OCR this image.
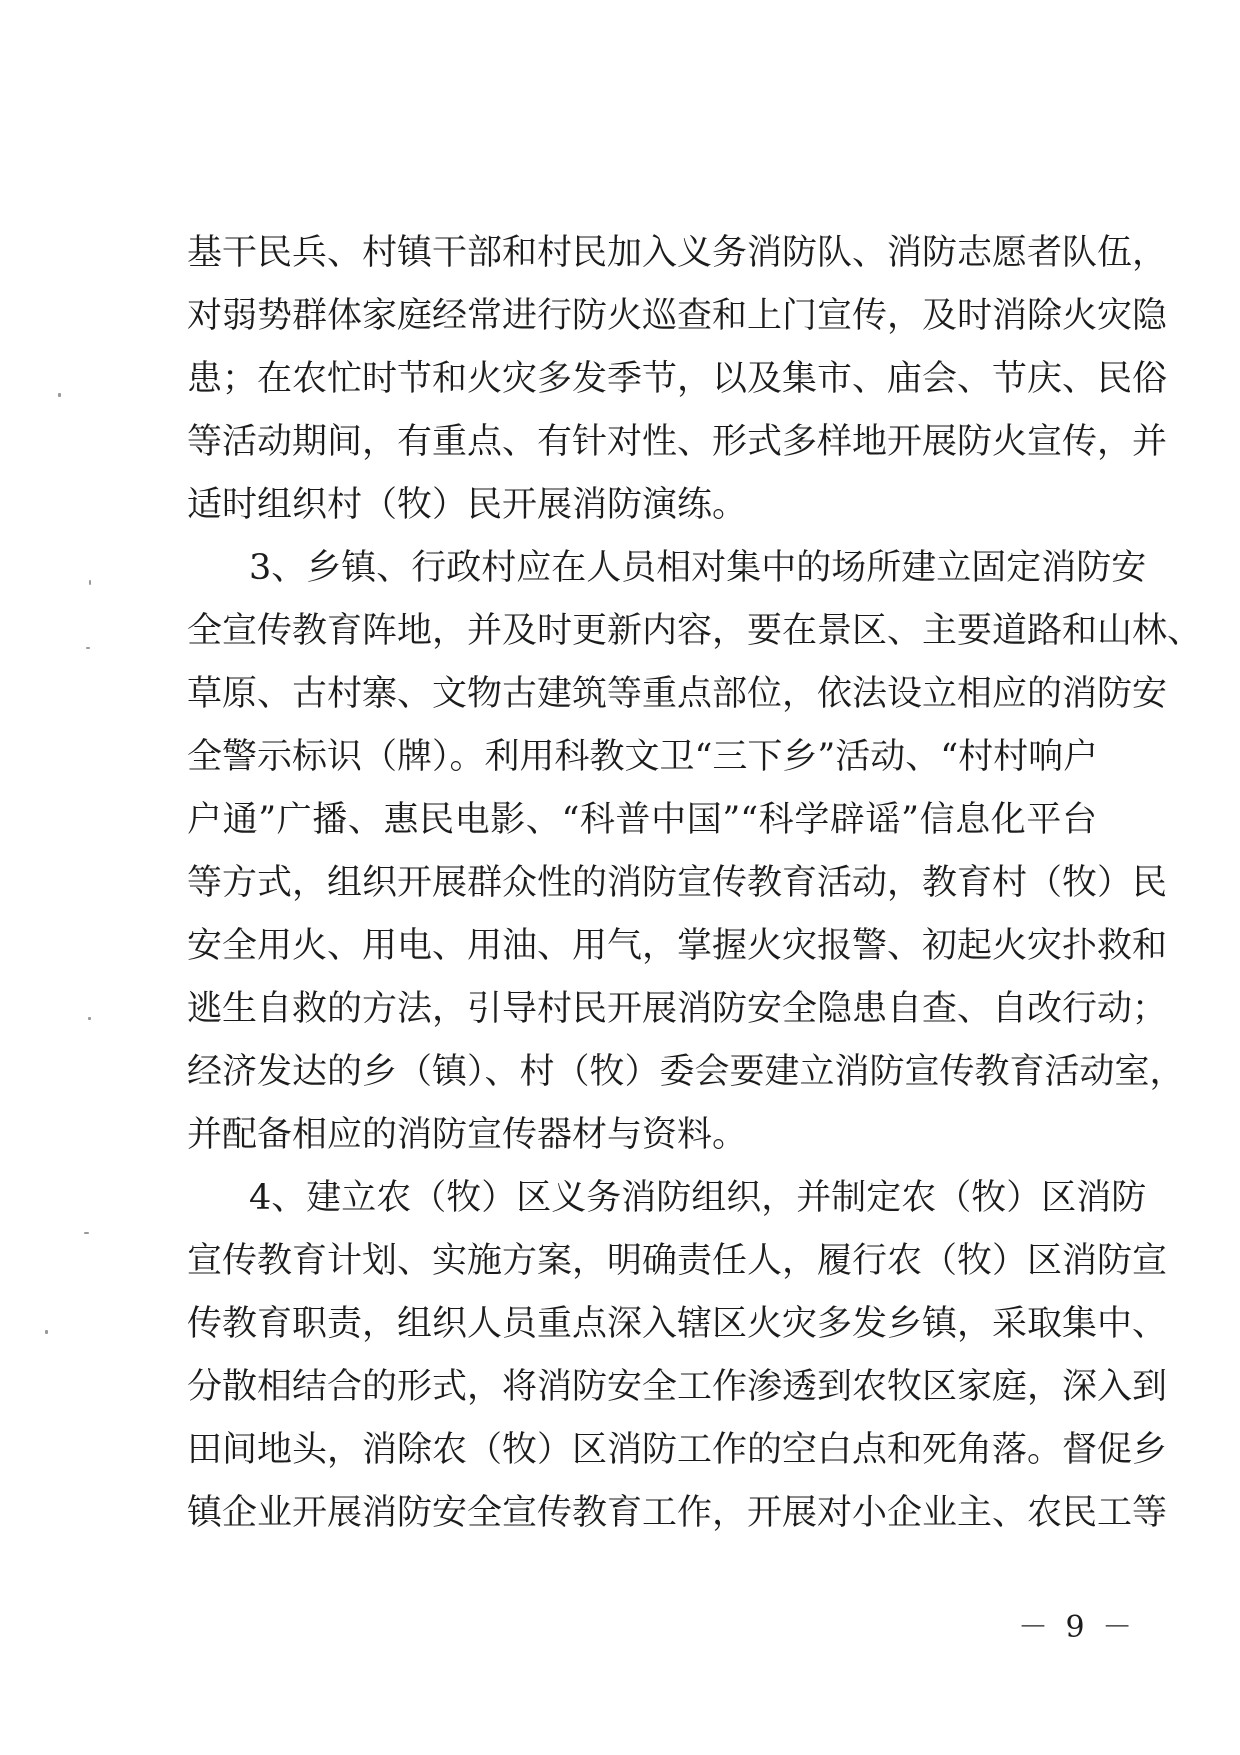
基干民兵、村镇干部和村民加入义务消防队、消防志愿者队伍，
对弱势群体家庭经常进行防火巡查和上门宣传，及时消除火灾隐
患；在农忙时节和火灾多发季节，以及集市、庙会、节庆、民俗
等活动期间，有重点、有针对性、形式多样地开展防火宣传，并
适时组织村（牧）民开展消防演练。
3、乡镇、行政村应在人员相对集中的场所建立固定消防安
全宣传教育阵地，并及时更新内容，要在景区、主要道路和山林、
草原、古村寨、文物古建筑等重点部位，依法设立相应的消防安
全警示标识（牌）。利用科教文卫“三下乡”活动、“村村响户
户通”广播、惠民电影、“科普中国”“科学辟谣”信息化平台
等方式，组织开展群众性的消防宣传教育活动，教育村（牧）民
安全用火、用电、用油、用气，掌握火灾报警、初起火灾扑救和
逃生自救的方法，引导村民开展消防安全隐患自查、自改行动；
经济发达的乡（镇）、村（牧）委会要建立消防宣传教育活动室，
并配备相应的消防宣传器材与资料。
4、建立农（牧）区义务消防组织，并制定农（牧）区消防
宣传教育计划、实施方案，明确责任人，履行农（牧）区消防宣
传教育职责，组织人员重点深入辖区火灾多发乡镇，采取集中、
分散相结合的形式，将消防安全工作渗透到农牧区家庭，深入到
田间地头，消除农（牧）区消防工作的空白点和死角落。督促乡
镇企业开展消防安全宣传教育工作，开展对小企业主、农民工等
－ 9 －
